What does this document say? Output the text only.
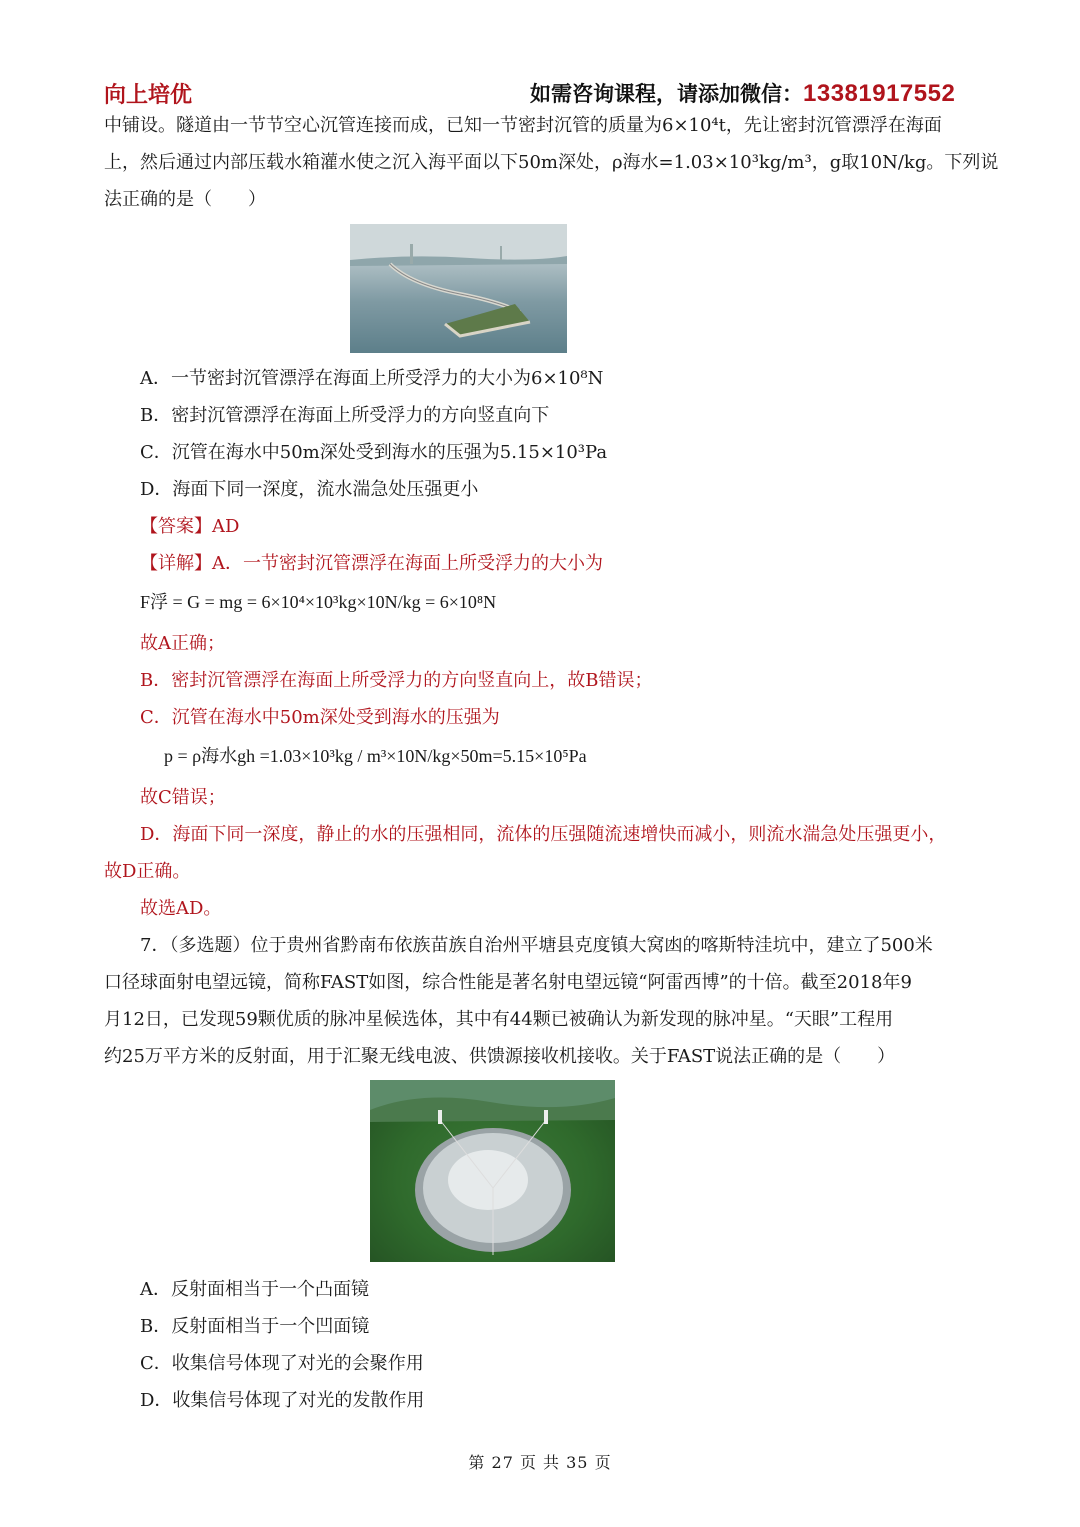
向上培优	如需咨询课程，请添加微信：13381917552
中铺设。隧道由一节节空心沉管连接而成，已知一节密封沉管的质量为6×10⁴t，先让密封沉管漂浮在海面
上，然后通过内部压载水箱灌水使之沉入海平面以下50m深处，ρ海水=1.03×10³kg/m³，g取10N/kg。下列说
法正确的是（　　）
A．一节密封沉管漂浮在海面上所受浮力的大小为6×10⁸N
B．密封沉管漂浮在海面上所受浮力的方向竖直向下
C．沉管在海水中50m深处受到海水的压强为5.15×10³Pa
D．海面下同一深度，流水湍急处压强更小
【答案】AD
【详解】A．一节密封沉管漂浮在海面上所受浮力的大小为
F浮 = G = mg = 6×10⁴×10³kg×10N/kg = 6×10⁸N
故A正确；
B．密封沉管漂浮在海面上所受浮力的方向竖直向上，故B错误；
C．沉管在海水中50m深处受到海水的压强为
p = ρ海水gh =1.03×10³kg / m³×10N/kg×50m=5.15×10⁵Pa
故C错误；
D．海面下同一深度，静止的水的压强相同，流体的压强随流速增快而减小，则流水湍急处压强更小，
故D正确。
故选AD。
7．（多选题）位于贵州省黔南布依族苗族自治州平塘县克度镇大窝凼的喀斯特洼坑中，建立了500米
口径球面射电望远镜，简称FAST如图，综合性能是著名射电望远镜“阿雷西博”的十倍。截至2018年9
月12日，已发现59颗优质的脉冲星候选体，其中有44颗已被确认为新发现的脉冲星。“天眼”工程用
约25万平方米的反射面，用于汇聚无线电波、供馈源接收机接收。关于FAST说法正确的是（　　）
A．反射面相当于一个凸面镜
B．反射面相当于一个凹面镜
C．收集信号体现了对光的会聚作用
D．收集信号体现了对光的发散作用
第 27 页 共 35 页
